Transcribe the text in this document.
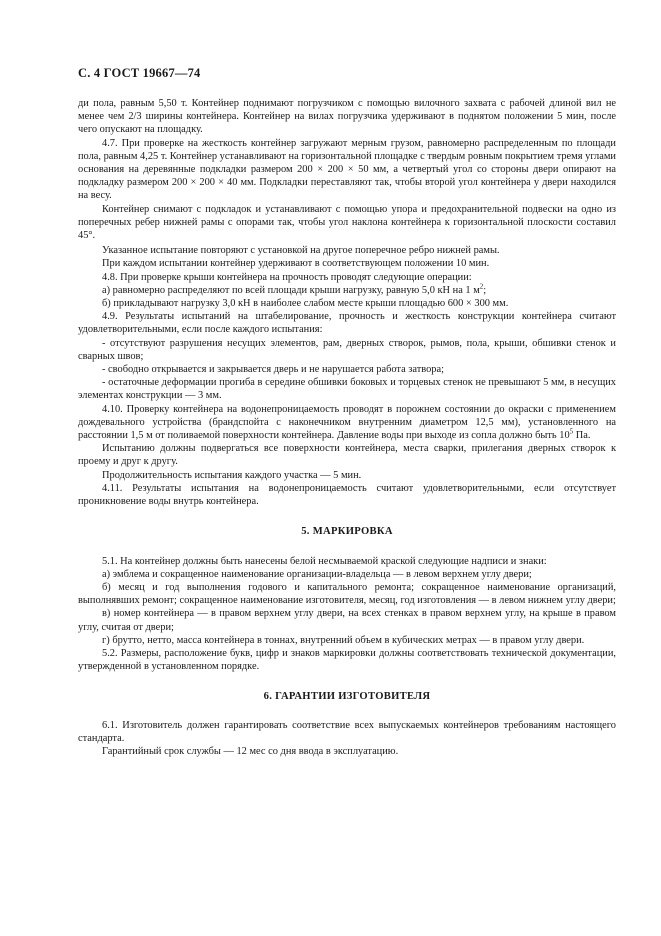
С. 4 ГОСТ 19667—74

ди пола, равным 5,50 т. Контейнер поднимают погрузчиком с помощью вилочного захвата с рабочей длиной вил не менее чем 2/3 ширины контейнера. Контейнер на вилах погрузчика удерживают в поднятом положении 5 мин, после чего опускают на площадку.

4.7. При проверке на жесткость контейнер загружают мерным грузом, равномерно распределенным по площади пола, равным 4,25 т. Контейнер устанавливают на горизонтальной площадке с твердым ровным покрытием тремя углами основания на деревянные подкладки размером 200 × 200 × 50 мм, а четвертый угол со стороны двери опирают на подкладку размером 200 × 200 × 40 мм. Подкладки переставляют так, чтобы второй угол контейнера у двери находился на весу.

Контейнер снимают с подкладок и устанавливают с помощью упора и предохранительной подвески на одно из поперечных ребер нижней рамы с опорами так, чтобы угол наклона контейнера к горизонтальной плоскости составил 45°.

Указанное испытание повторяют с установкой на другое поперечное ребро нижней рамы.

При каждом испытании контейнер удерживают в соответствующем положении 10 мин.

4.8. При проверке крыши контейнера на прочность проводят следующие операции:

а) равномерно распределяют по всей площади крыши нагрузку, равную 5,0 кН на 1 $м^2$;

б) прикладывают нагрузку 3,0 кН в наиболее слабом месте крыши площадью 600 × 300 мм.

4.9. Результаты испытаний на штабелирование, прочность и жесткость конструкции контейнера считают удовлетворительными, если после каждого испытания:

- отсутствуют разрушения несущих элементов, рам, дверных створок, рымов, пола, крыши, обшивки стенок и сварных швов;

- свободно открывается и закрывается дверь и не нарушается работа затвора;

- остаточные деформации прогиба в середине обшивки боковых и торцевых стенок не превышают 5 мм, в несущих элементах конструкции — 3 мм.

4.10. Проверку контейнера на водонепроницаемость проводят в порожнем состоянии до окраски с применением дождевального устройства (брандспойта с наконечником внутренним диаметром 12,5 мм), установленного на расстоянии 1,5 м от поливаемой поверхности контейнера. Давление воды при выходе из сопла должно быть $10^5$ Па.

Испытанию должны подвергаться все поверхности контейнера, места сварки, прилегания дверных створок к проему и друг к другу.

Продолжительность испытания каждого участка — 5 мин.

4.11. Результаты испытания на водонепроницаемость считают удовлетворительными, если отсутствует проникновение воды внутрь контейнера.

5. МАРКИРОВКА

5.1. На контейнер должны быть нанесены белой несмываемой краской следующие надписи и знаки:

а) эмблема и сокращенное наименование организации-владельца — в левом верхнем углу двери;

б) месяц и год выполнения годового и капитального ремонта; сокращенное наименование организаций, выполнявших ремонт; сокращенное наименование изготовителя, месяц, год изготовления — в левом нижнем углу двери;

в) номер контейнера — в правом верхнем углу двери, на всех стенках в правом верхнем углу, на крыше в правом углу, считая от двери;

г) брутто, нетто, масса контейнера в тоннах, внутренний объем в кубических метрах — в правом углу двери.

5.2. Размеры, расположение букв, цифр и знаков маркировки должны соответствовать технической документации, утвержденной в установленном порядке.

6. ГАРАНТИИ ИЗГОТОВИТЕЛЯ

6.1. Изготовитель должен гарантировать соответствие всех выпускаемых контейнеров требованиям настоящего стандарта.

Гарантийный срок службы — 12 мес со дня ввода в эксплуатацию.
